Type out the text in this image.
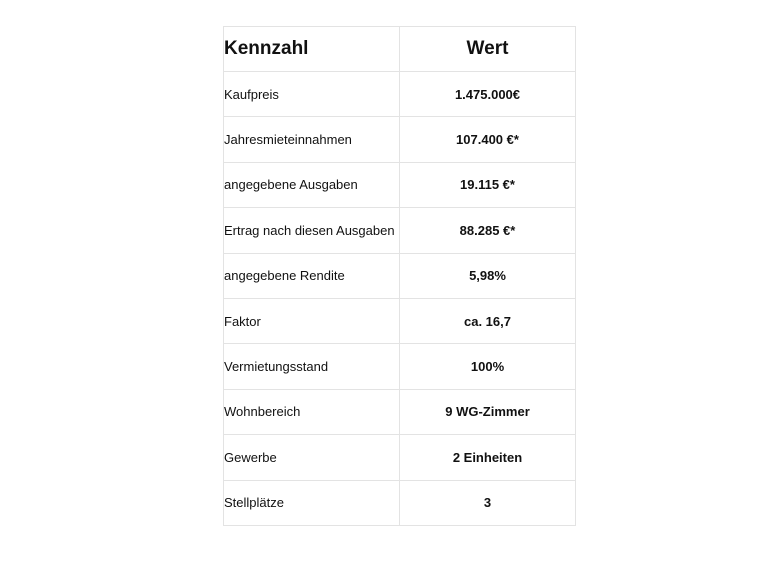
Kennzahl	Wert
Kaufpreis	1.475.000€
Jahresmieteinnahmen	107.400 €*
angegebene Ausgaben	19.115 €*
Ertrag nach diesen Ausgaben	88.285 €*
angegebene Rendite	5,98%
Faktor	ca. 16,7
Vermietungsstand	100%
Wohnbereich	9 WG-Zimmer
Gewerbe	2 Einheiten
Stellplätze	3
